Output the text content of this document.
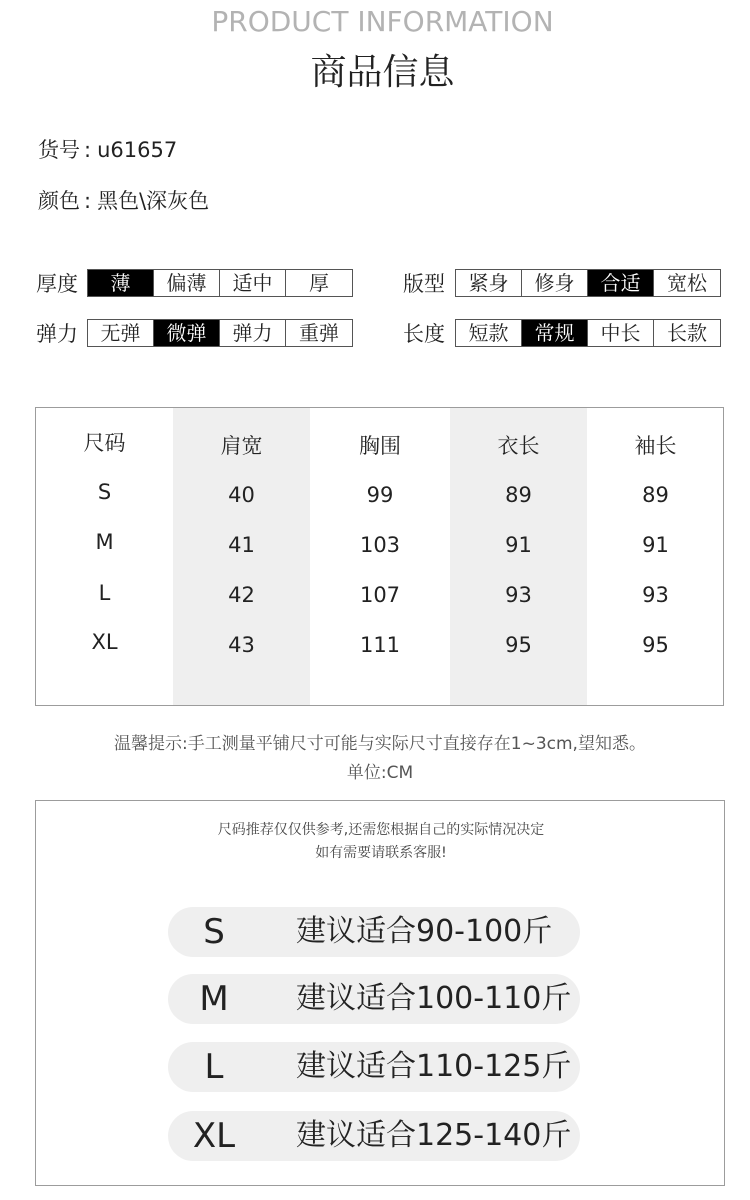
PRODUCT INFORMATION
商品信息
货号 : u61657
颜色 : 黑色\深灰色
厚度	薄	偏薄	适中	厚
弹力	无弹	微弹	弹力	重弹
版型	紧身	修身	合适	宽松
长度	短款	常规	中长	长款
尺码	肩宽	胸围	衣长	袖长
S	40	99	89	89
M	41	103	91	91
L	42	107	93	93
XL	43	111	95	95
温馨提示:手工测量平铺尺寸可能与实际尺寸直接存在1~3cm,望知悉。
单位:CM
尺码推荐仅仅供参考,还需您根据自己的实际情况决定
如有需要请联系客服!
S	建议适合90-100斤
M	建议适合100-110斤
L	建议适合110-125斤
XL 建议适合125-140斤
